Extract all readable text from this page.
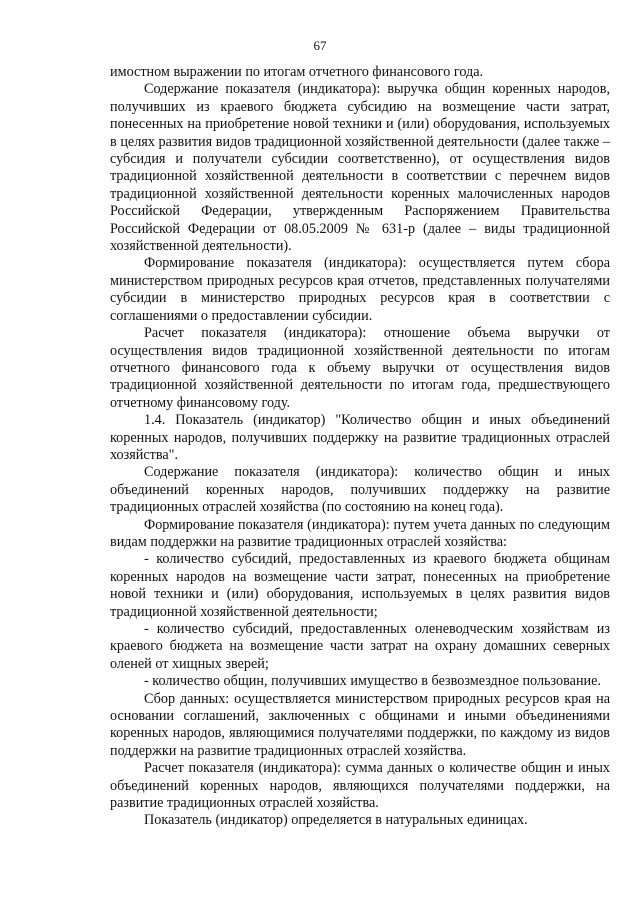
67

имостном выражении по итогам отчетного финансового года.

Содержание показателя (индикатора): выручка общин коренных народов, получивших из краевого бюджета субсидию на возмещение части затрат, понесенных на приобретение новой техники и (или) оборудования, используемых в целях развития видов традиционной хозяйственной деятельности (далее также – субсидия и получатели субсидии соответственно), от осуществления видов традиционной хозяйственной деятельности в соответствии с перечнем видов традиционной хозяйственной деятельности коренных малочисленных народов Российской Федерации, утвержденным Распоряжением Правительства Российской Федерации от 08.05.2009 № 631-р (далее – виды традиционной хозяйственной деятельности).

Формирование показателя (индикатора): осуществляется путем сбора министерством природных ресурсов края отчетов, представленных получателями субсидии в министерство природных ресурсов края в соответствии с соглашениями о предоставлении субсидии.

Расчет показателя (индикатора): отношение объема выручки от осуществления видов традиционной хозяйственной деятельности по итогам отчетного финансового года к объему выручки от осуществления видов традиционной хозяйственной деятельности по итогам года, предшествующего отчетному финансовому году.

1.4. Показатель (индикатор) "Количество общин и иных объединений коренных народов, получивших поддержку на развитие традиционных отраслей хозяйства".

Содержание показателя (индикатора): количество общин и иных объединений коренных народов, получивших поддержку на развитие традиционных отраслей хозяйства (по состоянию на конец года).

Формирование показателя (индикатора): путем учета данных по следующим видам поддержки на развитие традиционных отраслей хозяйства:

- количество субсидий, предоставленных из краевого бюджета общинам коренных народов на возмещение части затрат, понесенных на приобретение новой техники и (или) оборудования, используемых в целях развития видов традиционной хозяйственной деятельности;

- количество субсидий, предоставленных оленеводческим хозяйствам из краевого бюджета на возмещение части затрат на охрану домашних северных оленей от хищных зверей;

- количество общин, получивших имущество в безвозмездное пользование.

Сбор данных: осуществляется министерством природных ресурсов края на основании соглашений, заключенных с общинами и иными объединениями коренных народов, являющимися получателями поддержки, по каждому из видов поддержки на развитие традиционных отраслей хозяйства.

Расчет показателя (индикатора): сумма данных о количестве общин и иных объединений коренных народов, являющихся получателями поддержки, на развитие традиционных отраслей хозяйства.

Показатель (индикатор) определяется в натуральных единицах.
